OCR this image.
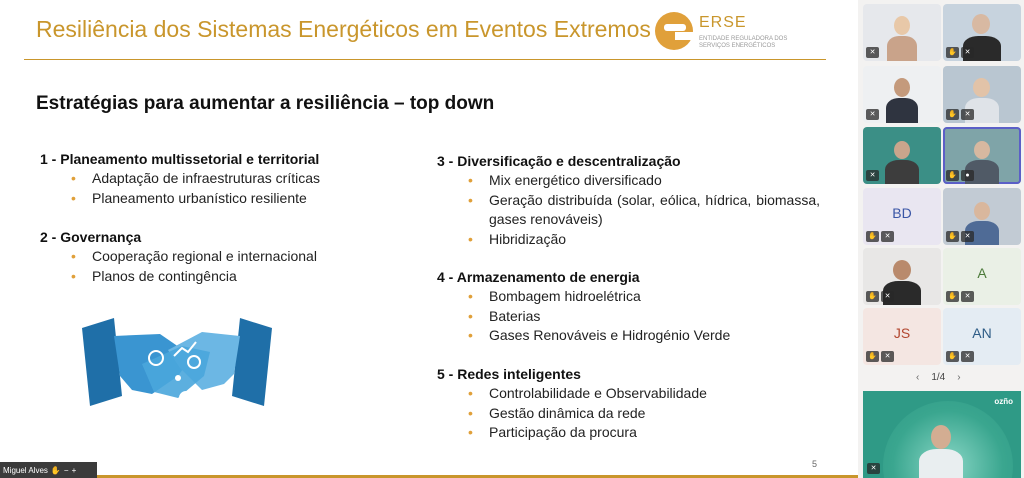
Resiliência dos Sistemas Energéticos em Eventos Extremos	ERSE
ENTIDADE REGULADORA DOS SERVIÇOS ENERGÉTICOS
Estratégias para aumentar a resiliência – top down
1 - Planeamento multissetorial e territorial
• Adaptação de infraestruturas críticas
• Planeamento urbanístico resiliente
2 - Governança
• Cooperação regional e internacional
• Planos de contingência
3 - Diversificação e descentralização
• Mix energético diversificado
• Geração distribuída (solar, eólica, hídrica, biomassa, gases renováveis)
• Hibridização
4 - Armazenamento de energia
• Bombagem hidroelétrica
• Baterias
• Gases Renováveis e Hidrogénio Verde
5 - Redes inteligentes
• Controlabilidade e Observabilidade
• Gestão dinâmica da rede
• Participação da procura
5
Miguel Alves ✋ − +
✕	✋	✕
✕	✋	✕
✕	✋	●
BD
✋	✕	✋	✕
✋	✕
A
✋	✕
JS
✋	✕
AN
✋	✕
‹ 1/4 ›
ozño
✕
